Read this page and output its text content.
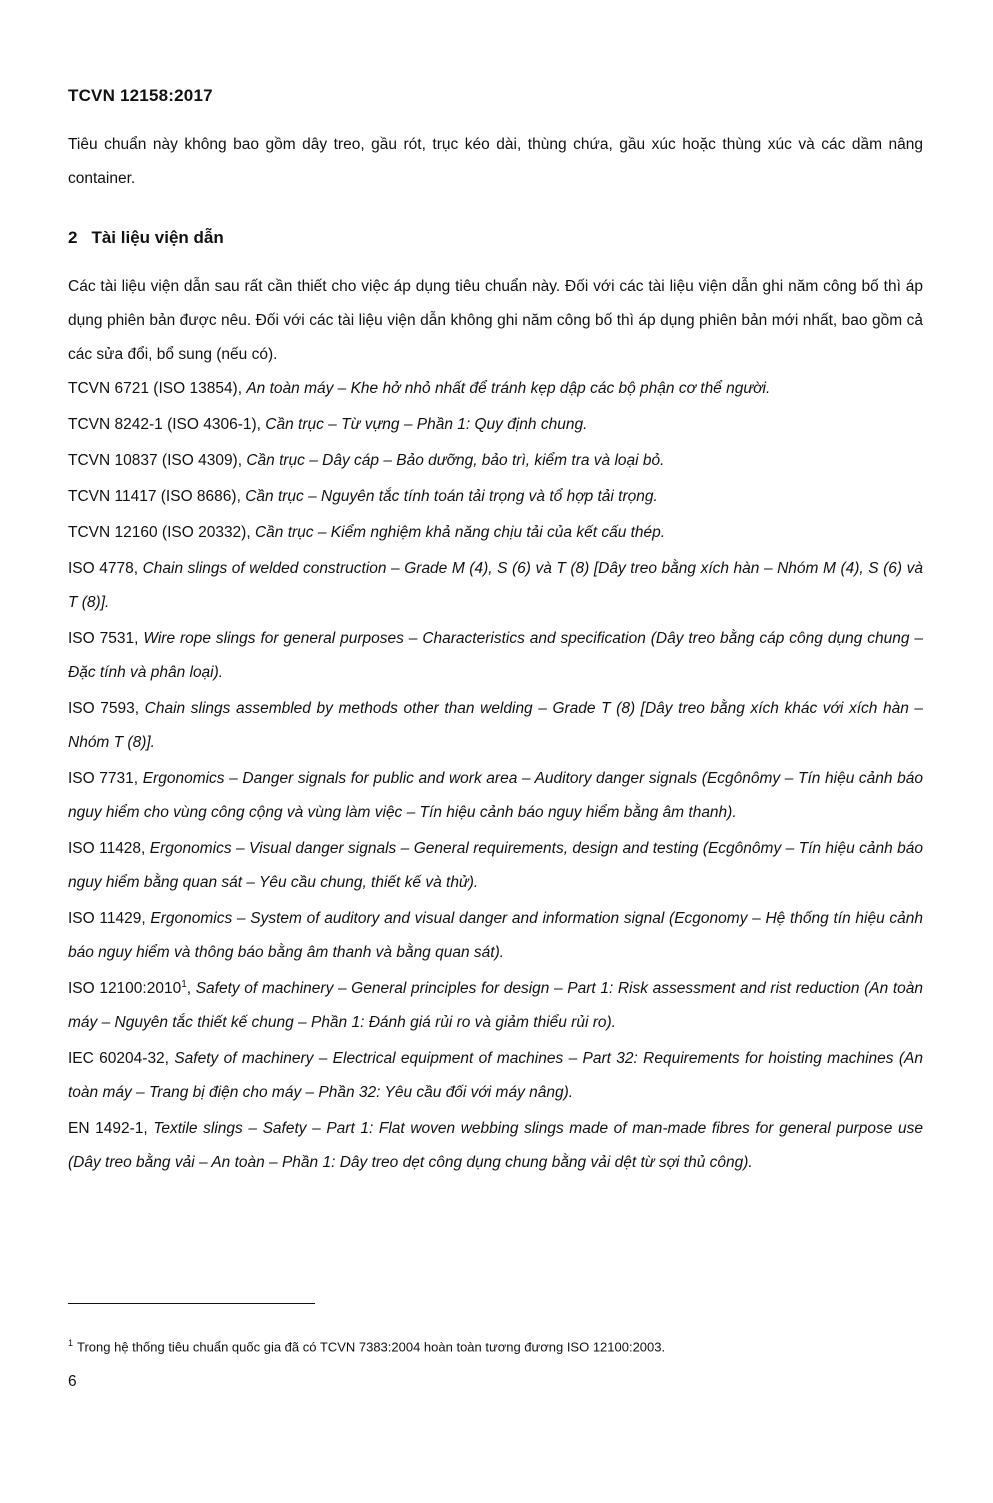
TCVN 12158:2017

Tiêu chuẩn này không bao gồm dây treo, gầu rót, trục kéo dài, thùng chứa, gầu xúc hoặc thùng xúc và các dầm nâng container.

2 Tài liệu viện dẫn

Các tài liệu viện dẫn sau rất cần thiết cho việc áp dụng tiêu chuẩn này. Đối với các tài liệu viện dẫn ghi năm công bố thì áp dụng phiên bản được nêu. Đối với các tài liệu viện dẫn không ghi năm công bố thì áp dụng phiên bản mới nhất, bao gồm cả các sửa đổi, bổ sung (nếu có).

TCVN 6721 (ISO 13854), An toàn máy – Khe hở nhỏ nhất để tránh kẹp dập các bộ phận cơ thể người.
TCVN 8242-1 (ISO 4306-1), Cần trục – Từ vựng – Phần 1: Quy định chung.
TCVN 10837 (ISO 4309), Cần trục – Dây cáp – Bảo dưỡng, bảo trì, kiểm tra và loại bỏ.
TCVN 11417 (ISO 8686), Cần trục – Nguyên tắc tính toán tải trọng và tổ hợp tải trọng.
TCVN 12160 (ISO 20332), Cần trục – Kiểm nghiệm khả năng chịu tải của kết cấu thép.
ISO 4778, Chain slings of welded construction – Grade M (4), S (6) và T (8) [Dây treo bằng xích hàn – Nhóm M (4), S (6) và T (8)].
ISO 7531, Wire rope slings for general purposes – Characteristics and specification (Dây treo bằng cáp công dụng chung – Đặc tính và phân loại).
ISO 7593, Chain slings assembled by methods other than welding – Grade T (8) [Dây treo bằng xích khác với xích hàn – Nhóm T (8)].
ISO 7731, Ergonomics – Danger signals for public and work area – Auditory danger signals (Ecgônômy – Tín hiệu cảnh báo nguy hiểm cho vùng công cộng và vùng làm việc – Tín hiệu cảnh báo nguy hiểm bằng âm thanh).
ISO 11428, Ergonomics – Visual danger signals – General requirements, design and testing (Ecgônômy – Tín hiệu cảnh báo nguy hiểm bằng quan sát – Yêu cầu chung, thiết kế và thử).
ISO 11429, Ergonomics – System of auditory and visual danger and information signal (Ecgonomy – Hệ thống tín hiệu cảnh báo nguy hiểm và thông báo bằng âm thanh và bằng quan sát).
ISO 12100:2010$^1$, Safety of machinery – General principles for design – Part 1: Risk assessment and rist reduction (An toàn máy – Nguyên tắc thiết kế chung – Phần 1: Đánh giá rủi ro và giảm thiểu rủi ro).
IEC 60204-32, Safety of machinery – Electrical equipment of machines – Part 32: Requirements for hoisting machines (An toàn máy – Trang bị điện cho máy – Phần 32: Yêu cầu đối với máy nâng).
EN 1492-1, Textile slings – Safety – Part 1: Flat woven webbing slings made of man-made fibres for general purpose use (Dây treo bằng vải – An toàn – Phần 1: Dây treo dẹt công dụng chung bằng vải dệt từ sợi thủ công).
$^1$ Trong hệ thống tiêu chuẩn quốc gia đã có TCVN 7383:2004 hoàn toàn tương đương ISO 12100:2003.
6
